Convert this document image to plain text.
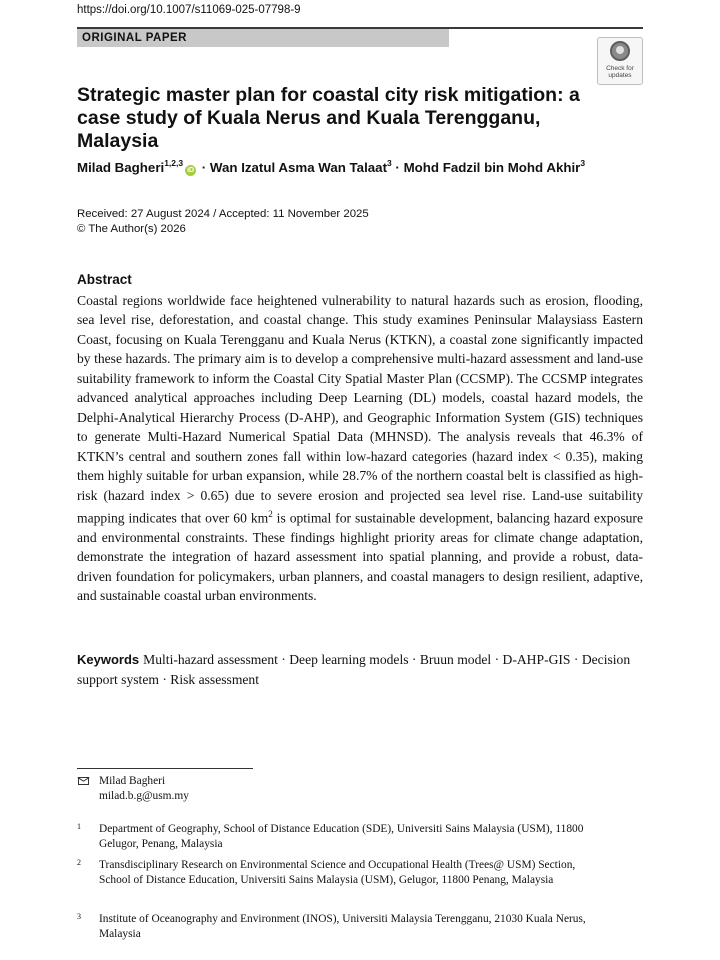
https://doi.org/10.1007/s11069-025-07798-9
ORIGINAL PAPER
Check for
updates
Strategic master plan for coastal city risk mitigation: a case study of Kuala Nerus and Kuala Terengganu, Malaysia
Milad Bagheri$^{1,2,3}$iD · Wan Izatul Asma Wan Talaat$^3$ · Mohd Fadzil bin Mohd Akhir$^3$
Received: 27 August 2024 / Accepted: 11 November 2025
© The Author(s) 2026
Abstract

Coastal regions worldwide face heightened vulnerability to natural hazards such as erosion, flooding, sea level rise, deforestation, and coastal change. This study examines Peninsular Malaysiass Eastern Coast, focusing on Kuala Terengganu and Kuala Nerus (KTKN), a coastal zone significantly impacted by these hazards. The primary aim is to develop a comprehensive multi-hazard assessment and land-use suitability framework to inform the Coastal City Spatial Master Plan (CCSMP). The CCSMP integrates advanced analytical approaches including Deep Learning (DL) models, coastal hazard models, the Delphi-Analytical Hierarchy Process (D-AHP), and Geographic Information System (GIS) techniques to generate Multi-Hazard Numerical Spatial Data (MHNSD). The analysis reveals that 46.3% of KTKN’s central and southern zones fall within low-hazard categories (hazard index < 0.35), making them highly suitable for urban expansion, while 28.7% of the northern coastal belt is classified as high-risk (hazard index > 0.65) due to severe erosion and projected sea level rise. Land-use suitability mapping indicates that over 60 $km^2$ is optimal for sustainable development, balancing hazard exposure and environmental constraints. These findings highlight priority areas for climate change adaptation, demonstrate the integration of hazard assessment into spatial planning, and provide a robust, data-driven foundation for policymakers, urban planners, and coastal managers to design resilient, adaptive, and sustainable coastal urban environments.

Keywords Multi-hazard assessment · Deep learning models · Bruun model · D-AHP-GIS · Decision support system · Risk assessment

Milad Bagheri
milad.b.g@usm.my
1 Department of Geography, School of Distance Education (SDE), Universiti Sains Malaysia (USM), 11800 Gelugor, Penang, Malaysia
2 Transdisciplinary Research on Environmental Science and Occupational Health (Trees@ USM) Section, School of Distance Education, Universiti Sains Malaysia (USM), Gelugor, 11800 Penang, Malaysia
3 Institute of Oceanography and Environment (INOS), Universiti Malaysia Terengganu, 21030 Kuala Nerus, Malaysia
